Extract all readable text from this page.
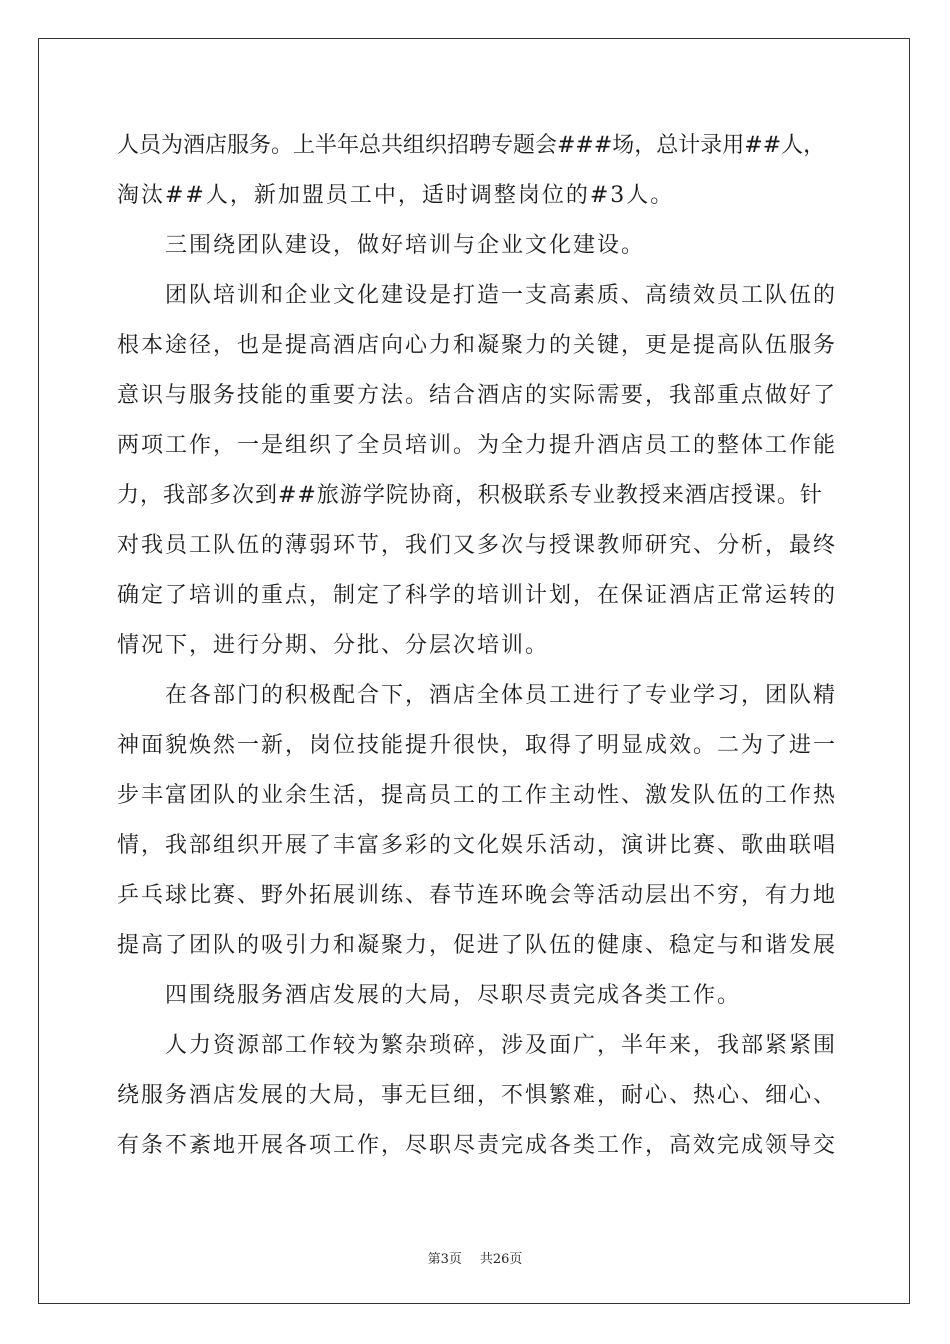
人员为酒店服务。上半年总共组织招聘专题会###场，总计录用##人，
淘汰##人，新加盟员工中，适时调整岗位的#3人。
三围绕团队建设，做好培训与企业文化建设。
团队培训和企业文化建设是打造一支高素质、高绩效员工队伍的
根本途径，也是提高酒店向心力和凝聚力的关键，更是提高队伍服务
意识与服务技能的重要方法。结合酒店的实际需要，我部重点做好了
两项工作，一是组织了全员培训。为全力提升酒店员工的整体工作能
力，我部多次到##旅游学院协商，积极联系专业教授来酒店授课。针
对我员工队伍的薄弱环节，我们又多次与授课教师研究、分析，最终
确定了培训的重点，制定了科学的培训计划，在保证酒店正常运转的
情况下，进行分期、分批、分层次培训。
在各部门的积极配合下，酒店全体员工进行了专业学习，团队精
神面貌焕然一新，岗位技能提升很快，取得了明显成效。二为了进一
步丰富团队的业余生活，提高员工的工作主动性、激发队伍的工作热
情，我部组织开展了丰富多彩的文化娱乐活动，演讲比赛、歌曲联唱
乒乓球比赛、野外拓展训练、春节连环晚会等活动层出不穷，有力地
提高了团队的吸引力和凝聚力，促进了队伍的健康、稳定与和谐发展
四围绕服务酒店发展的大局，尽职尽责完成各类工作。
人力资源部工作较为繁杂琐碎，涉及面广，半年来，我部紧紧围
绕服务酒店发展的大局，事无巨细，不惧繁难，耐心、热心、细心、
有条不紊地开展各项工作，尽职尽责完成各类工作，高效完成领导交
第3页 共26页
